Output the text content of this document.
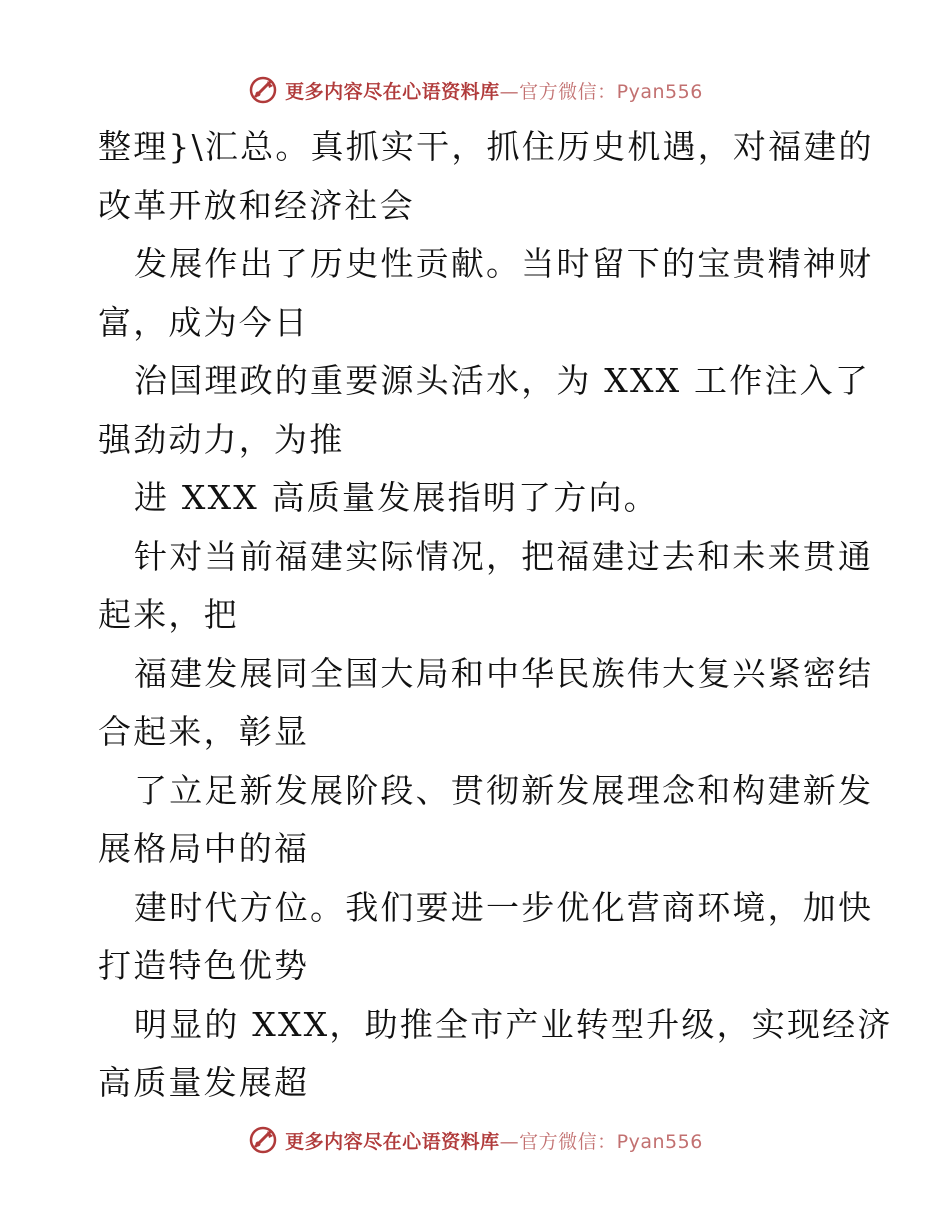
更多内容尽在心语资料库—官方微信：Pyan556
整理}\汇总。真抓实干，抓住历史机遇，对福建的
改革开放和经济社会
发展作出了历史性贡献。当时留下的宝贵精神财
富，成为今日
治国理政的重要源头活水，为 XXX 工作注入了
强劲动力，为推
进 XXX 高质量发展指明了方向。
针对当前福建实际情况，把福建过去和未来贯通
起来，把
福建发展同全国大局和中华民族伟大复兴紧密结
合起来，彰显
了立足新发展阶段、贯彻新发展理念和构建新发
展格局中的福
建时代方位。我们要进一步优化营商环境，加快
打造特色优势
明显的 XXX，助推全市产业转型升级，实现经济
高质量发展超
更多内容尽在心语资料库—官方微信：Pyan556
